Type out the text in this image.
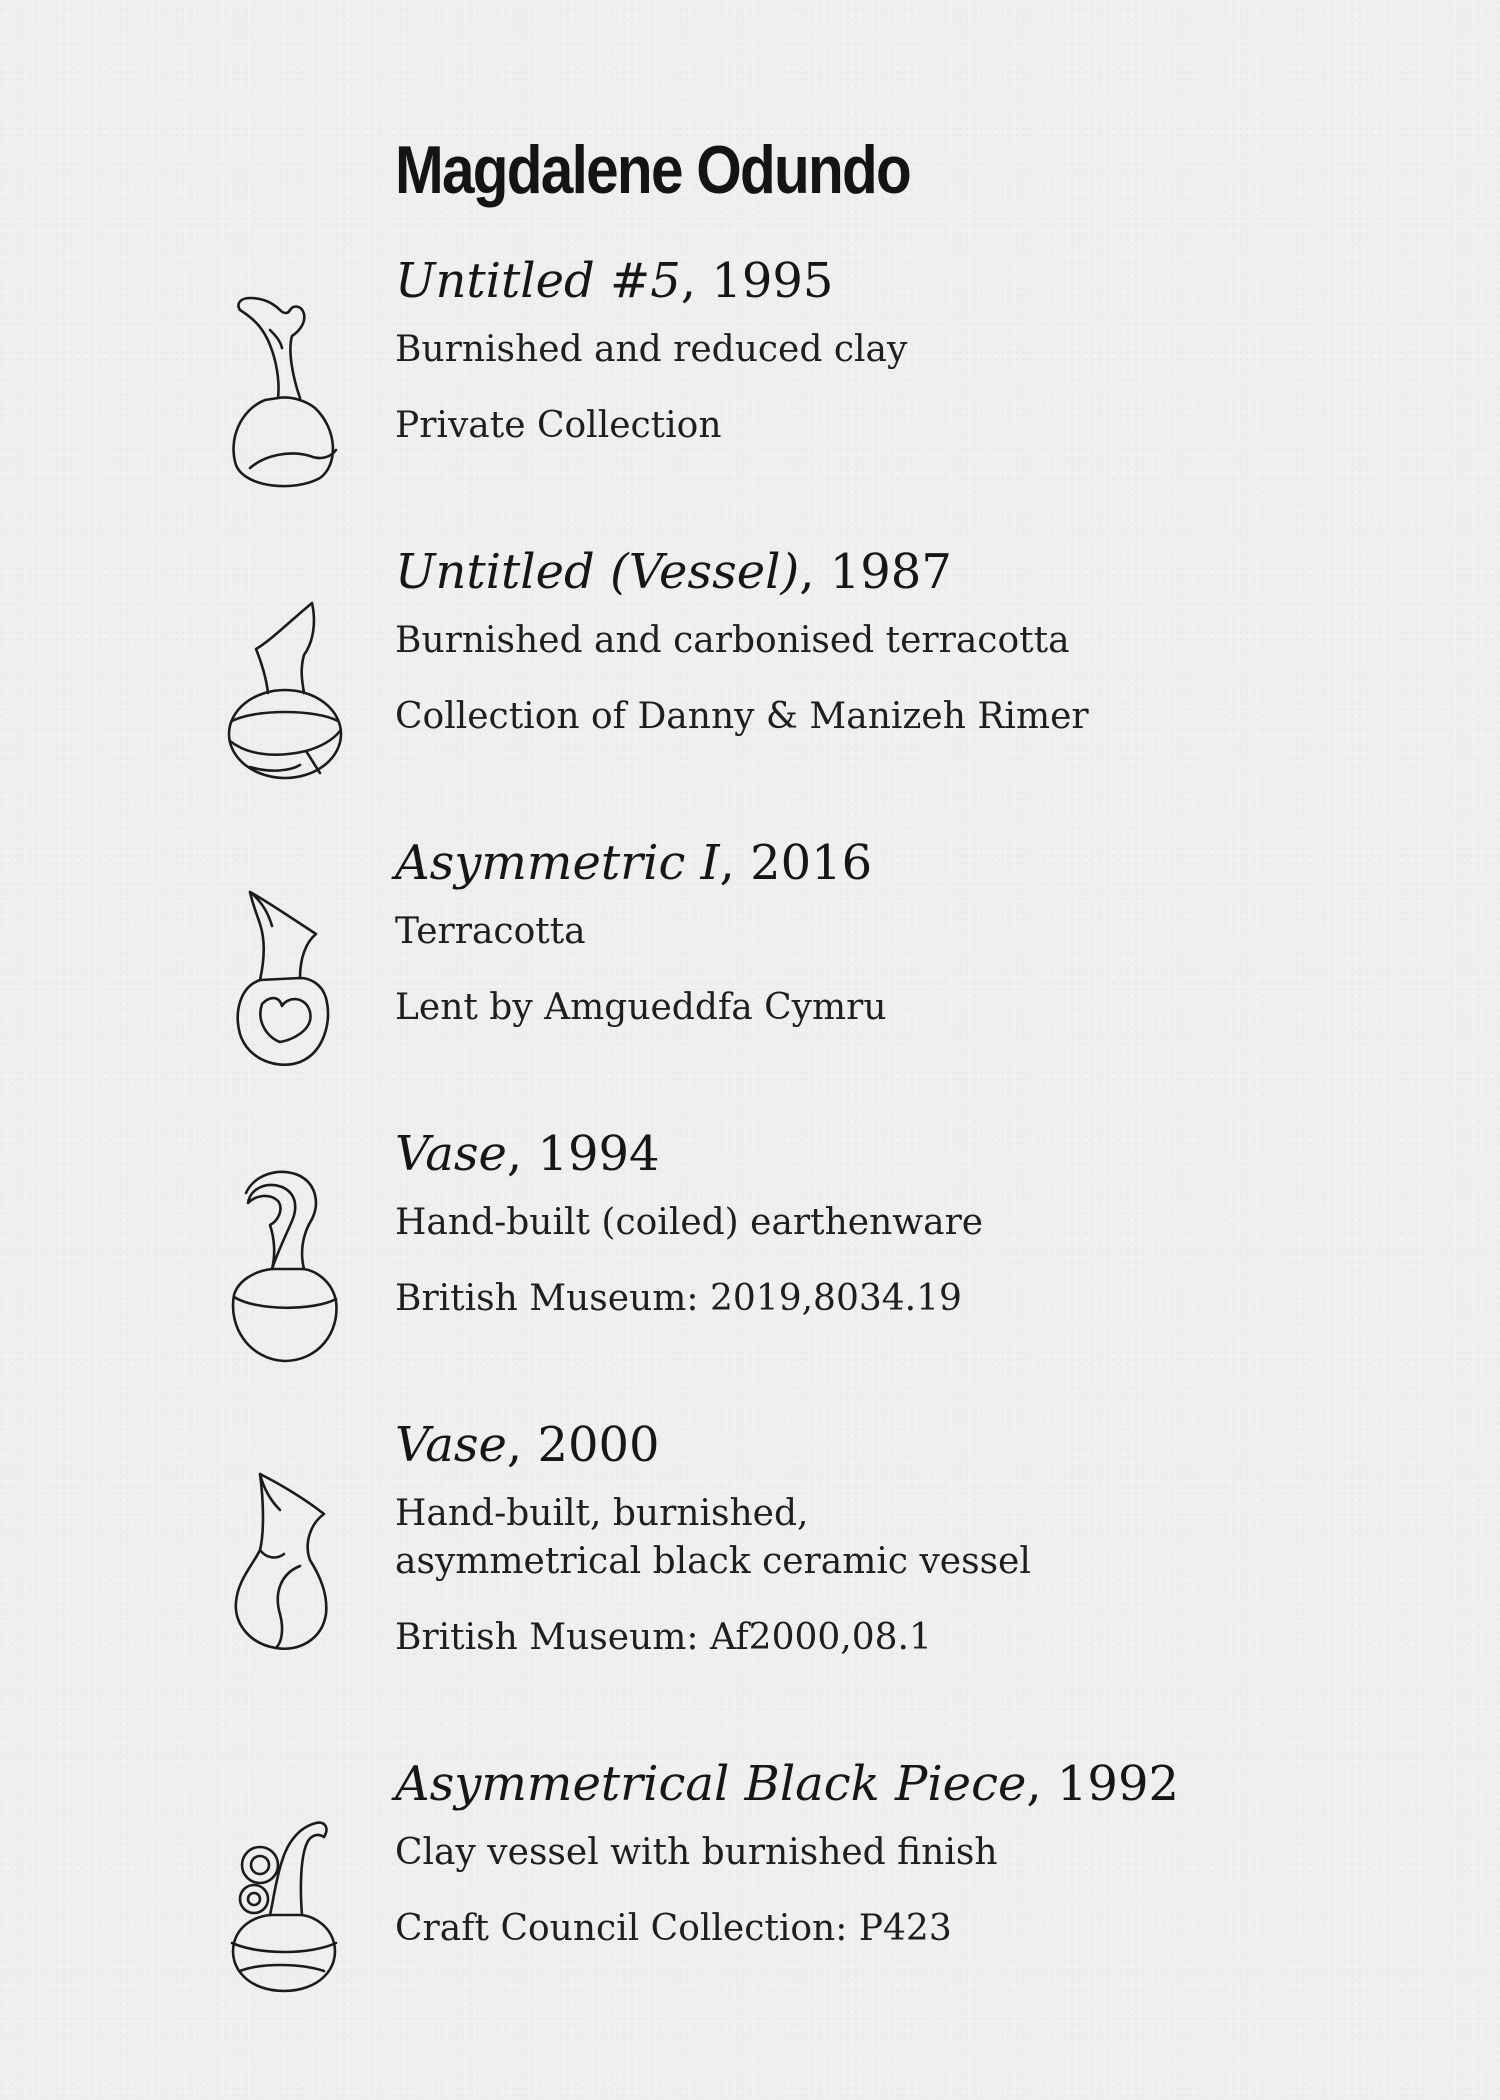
Magdalene Odundo

Untitled #5, 1995

Burnished and reduced clay

Private Collection

Untitled (Vessel), 1987

Burnished and carbonised terracotta

Collection of Danny & Manizeh Rimer

Asymmetric I, 2016

Terracotta

Lent by Amgueddfa Cymru

Vase, 1994

Hand-built (coiled) earthenware

British Museum: 2019,8034.19

Vase, 2000

Hand-built, burnished,
asymmetrical black ceramic vessel

British Museum: Af2000,08.1

Asymmetrical Black Piece, 1992

Clay vessel with burnished finish

Craft Council Collection: P423
